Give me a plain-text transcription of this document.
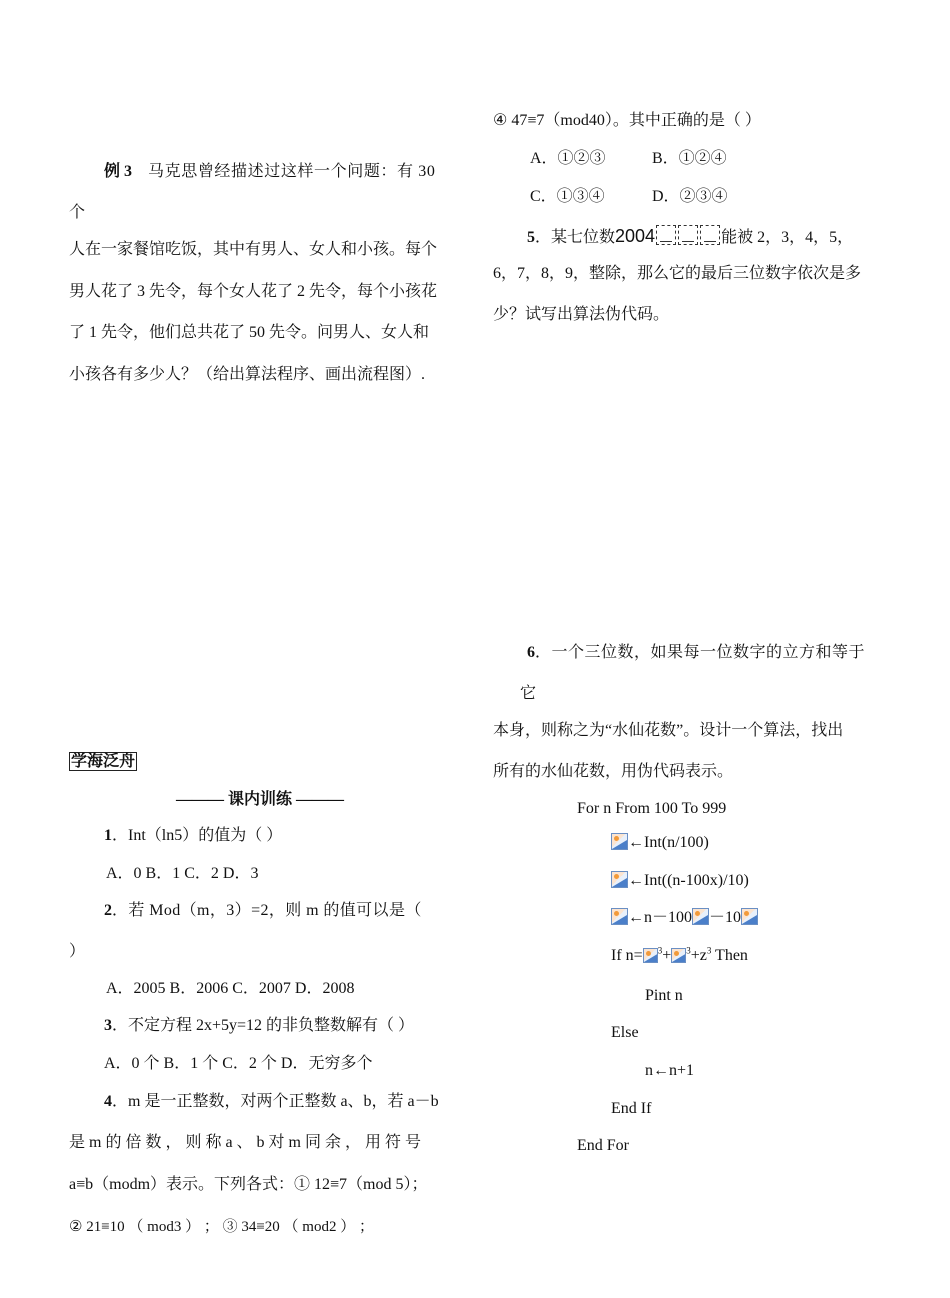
例 3 马克思曾经描述过这样一个问题：有 30
个
人在一家餐馆吃饭，其中有男人、女人和小孩。每个
男人花了 3 先令，每个女人花了 2 先令，每个小孩花
了 1 先令，他们总共花了 50 先令。问男人、女人和
小孩各有多少人？（给出算法程序、画出流程图）.
学海泛舟
——— 课内训练 ———
1．Int（ln5）的值为（ ）
A．0 B．1 C．2 D．3
2．若 Mod（m，3）=2，则 m 的值可以是（
）
A．2005 B．2006 C．2007 D．2008
3．不定方程 2x+5y=12 的非负整数解有（ ）
A．0 个 B．1 个 C．2 个 D．无穷多个
4．m 是一正整数，对两个正整数 a、b，若 a－b
是 m 的 倍 数 ， 则 称 a 、 b 对 m 同 余 ， 用 符 号
a≡b（modm）表示。下列各式：① 12≡7（mod 5）；
② 21≡10 （ mod3 ） ； ③ 34≡20 （ mod2 ） ；
④ 47≡7（mod40）。其中正确的是（ ）
A．①②③	B．①②④
C．①③④	D．②③④
5．某七位数2004	能被 2，3，4，5，
6，7，8，9，整除，那么它的最后三位数字依次是多
少？试写出算法伪代码。
6．一个三位数，如果每一位数字的立方和等于
它
本身，则称之为“水仙花数”。设计一个算法，找出
所有的水仙花数，用伪代码表示。
For n From 100 To 999
←Int(n/100)
←Int((n-100x)/10)
←n－100 －10
If $n= ^3+ ^3+z^3$ Then
Pint n
Else
n←n+1
End If
End For
